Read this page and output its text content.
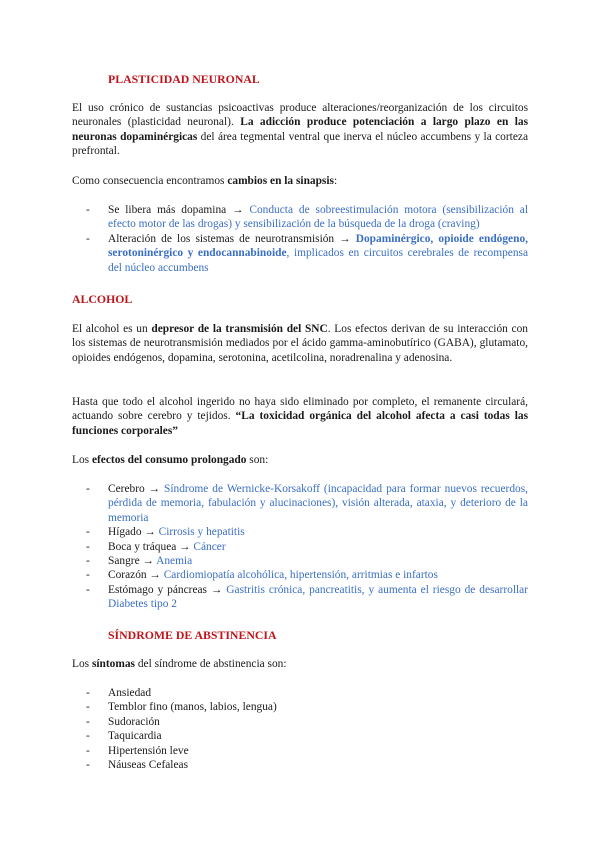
PLASTICIDAD NEURONAL

El uso crónico de sustancias psicoactivas produce alteraciones/reorganización de los circuitos neuronales (plasticidad neuronal). La adicción produce potenciación a largo plazo en las neuronas dopaminérgicas del área tegmental ventral que inerva el núcleo accumbens y la corteza prefrontal.

Como consecuencia encontramos cambios en la sinapsis:

- Se libera más dopamina → Conducta de sobreestimulación motora (sensibilización al efecto motor de las drogas) y sensibilización de la búsqueda de la droga (craving)
- Alteración de los sistemas de neurotransmisión → Dopaminérgico, opioide endógeno, serotoninérgico y endocannabinoide, implicados en circuitos cerebrales de recompensa del núcleo accumbens

ALCOHOL

El alcohol es un depresor de la transmisión del SNC. Los efectos derivan de su interacción con los sistemas de neurotransmisión mediados por el ácido gamma-aminobutírico (GABA), glutamato, opioides endógenos, dopamina, serotonina, acetilcolina, noradrenalina y adenosina.

Hasta que todo el alcohol ingerido no haya sido eliminado por completo, el remanente circulará, actuando sobre cerebro y tejidos. “La toxicidad orgánica del alcohol afecta a casi todas las funciones corporales”

Los efectos del consumo prolongado son:

- Cerebro → Síndrome de Wernicke-Korsakoff (incapacidad para formar nuevos recuerdos, pérdida de memoria, fabulación y alucinaciones), visión alterada, ataxia, y deterioro de la memoria
- Hígado → Cirrosis y hepatitis
- Boca y tráquea → Cáncer
- Sangre → Anemia
- Corazón → Cardiomiopatía alcohólica, hipertensión, arritmias e infartos
- Estómago y páncreas → Gastritis crónica, pancreatitis, y aumenta el riesgo de desarrollar Diabetes tipo 2

SÍNDROME DE ABSTINENCIA

Los síntomas del síndrome de abstinencia son:

- Ansiedad
- Temblor fino (manos, labios, lengua)
- Sudoración
- Taquicardia
- Hipertensión leve
- Náuseas Cefaleas
